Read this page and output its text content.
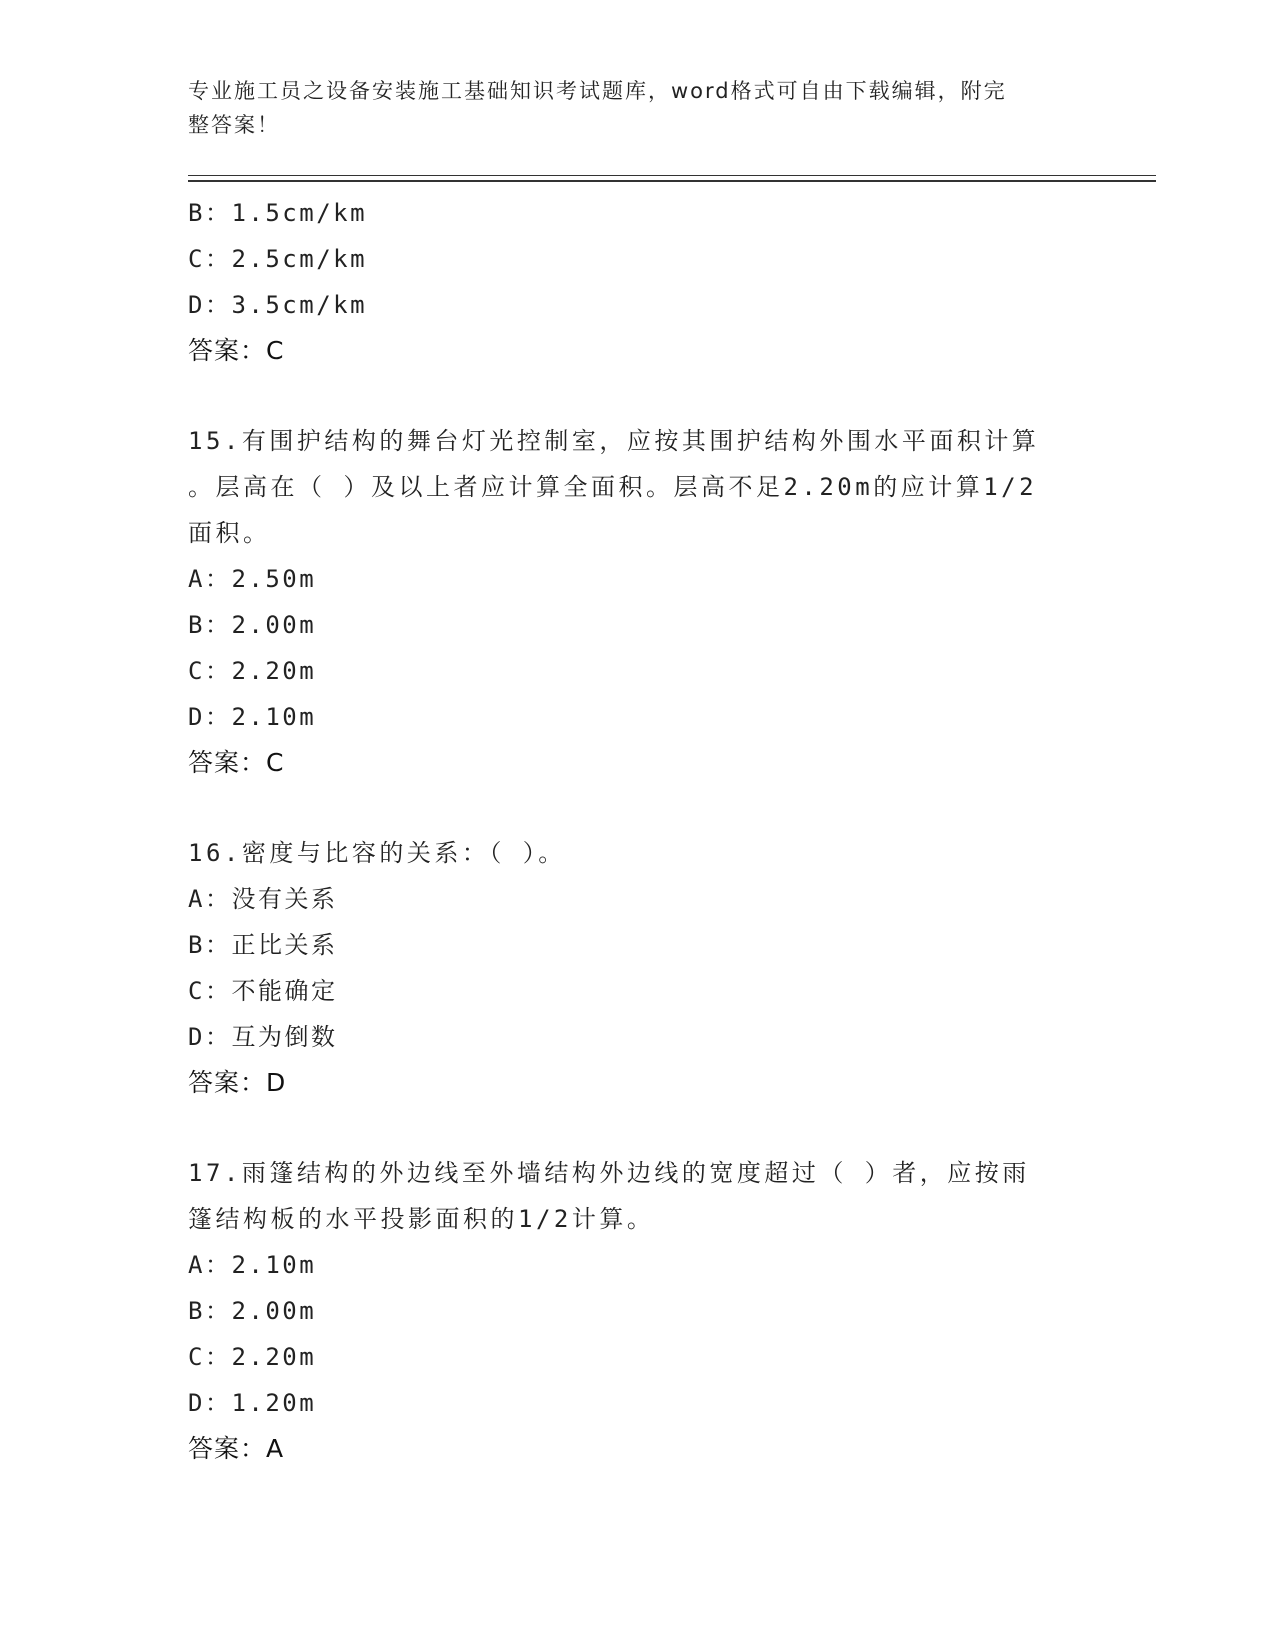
专业施工员之设备安装施工基础知识考试题库，word格式可自由下载编辑，附完
整答案！
B：1.5cm/km
C：2.5cm/km
D：3.5cm/km
答案：C
15.有围护结构的舞台灯光控制室，应按其围护结构外围水平面积计算
。层高在（ ）及以上者应计算全面积。层高不足2.20m的应计算1/2
面积。
A：2.50m
B：2.00m
C：2.20m
D：2.10m
答案：C
16.密度与比容的关系：（ ）。
A：没有关系
B：正比关系
C：不能确定
D：互为倒数
答案：D
17.雨篷结构的外边线至外墙结构外边线的宽度超过（ ）者，应按雨
篷结构板的水平投影面积的1/2计算。
A：2.10m
B：2.00m
C：2.20m
D：1.20m
答案：A
